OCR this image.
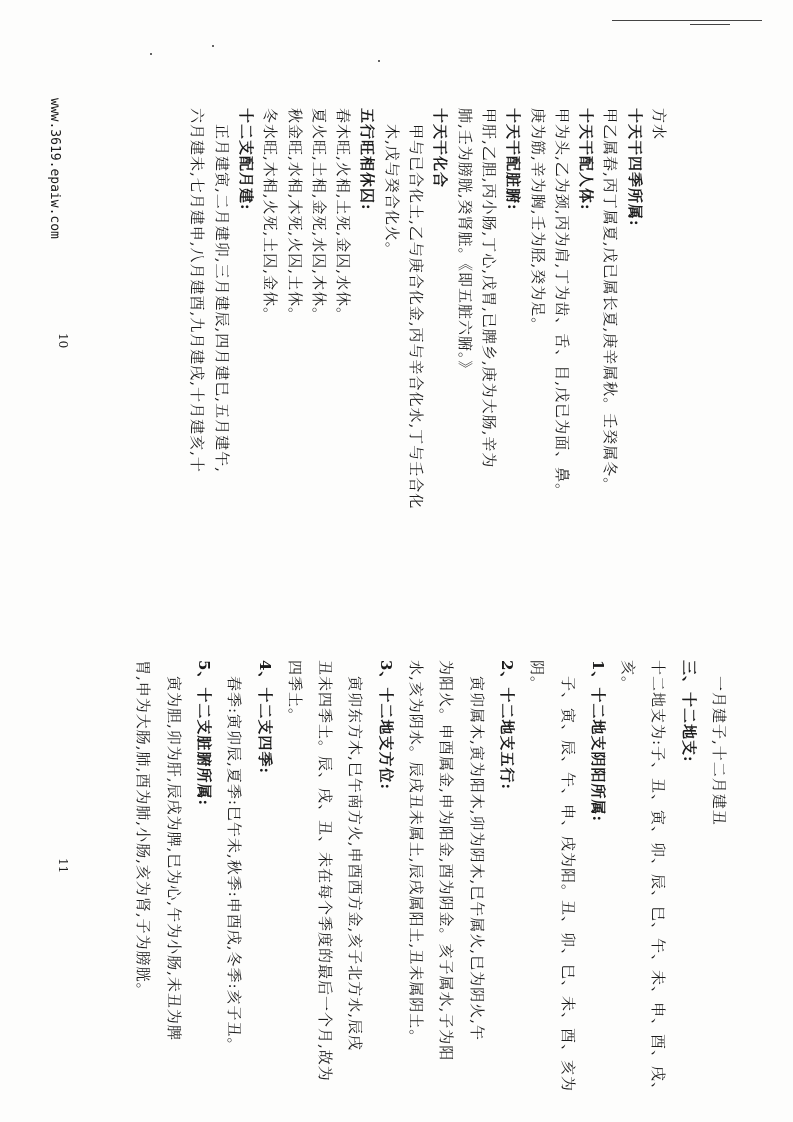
www.3619.epaiw.com	方水
十天干四季所属:
甲乙属春,丙丁属夏,戊已属长夏,庚辛属秋。壬癸属冬。
十天干配人体:
甲为头,乙为颈,丙为肩,丁为齿、舌、目,戊已为面、鼻。
庚为筋,辛为胸,壬为胫,癸为足。
十天干配脏腑:
甲肝,乙胆,丙小肠,丁心,戊胃,已脾乡,庚为大肠,辛为
肺,壬为膀胱,癸肾脏。《即五脏六腑。》
十天干化合
　甲与已合化土,乙与庚合化金,丙与辛合化水,丁与壬合化
　木,戊与癸合化火。
五行旺相休囚:
春木旺,火相,土死,金囚,水休。
夏火旺,土相,金死,水囚,木休。
秋金旺,水相,木死,火囚,土休。
冬水旺,木相,火死,土囚,金休。
十二支配月建:
　正月建寅,二月建卯,三月建辰,四月建巳,五月建午,
六月建未,七月建申,八月建酉,九月建戌,十月建亥,十
　一月建子,十二月建丑
三、十二地支:
十二地支为:子、丑、寅、卯、辰、巳、午、未、申、酉、戌、
亥。
1、十二地支阴阳所属:
　子、寅、辰、午、申、戌为阳。丑、卯、巳、未、酉、亥为
阴。
2、十二地支五行:
　寅卯属木,寅为阳木,卯为阴木,巳午属火,巳为阴火,午
为阳火。申酉属金,申为阳金,酉为阴金。亥子属水,子为阳
水,亥为阴水。辰戌丑未属土,辰戌属阳土,丑未属阴土。
3、十二地支方位:
　寅卯东方木,巳午南方火,申酉西方金,亥子北方水,辰戌
丑未四季土。辰、戌、丑、未在每个季度的最后一个月,故为
四季土。
4、十二支四季:
　春季:寅卯辰,夏季:巳午未,秋季:申酉戌,冬季:亥子丑。
5、十二支脏腑所属:
　寅为胆,卯为肝,辰戌为脾,巳为心,午为小肠,未丑为脾
胃,申为大肠,肺,酉为肺,小肠,亥为肾,子为膀胱。
10
11
